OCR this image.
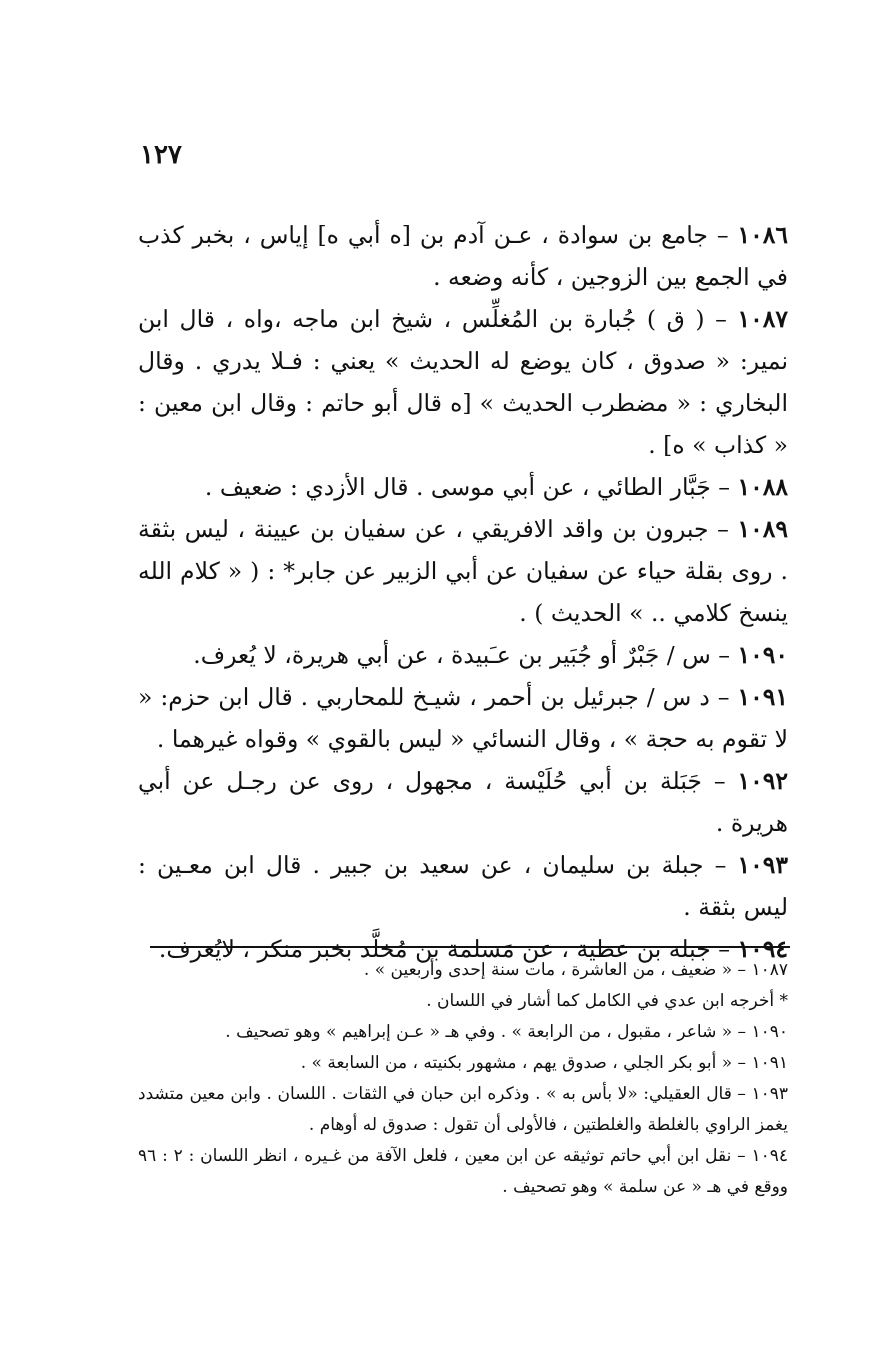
١٢٧

١٠٨٦ – جامع بن سوادة ، عـن آدم بن [ه أبي ه] إياس ، بخبر كذب في الجمع بين الزوجين ، كأنه وضعه .

١٠٨٧ – ( ق ) جُبارة بن المُغلِّس ، شيخ ابن ماجه ،واه ، قال ابن نمير: « صدوق ، كان يوضع له الحديث » يعني : فـلا يدري . وقال البخاري : « مضطرب الحديث » [ه قال أبو حاتم : وقال ابن معين : « كذاب » ه] .

١٠٨٨ – جَبَّار الطائي ، عن أبي موسى . قال الأزدي : ضعيف .

١٠٨٩ – جبرون بن واقد الافريقي ، عن سفيان بن عيينة ، ليس بثقة . روى بقلة حياء عن سفيان عن أبي الزبير عن جابر* : ( « كلام الله ينسخ كلامي .. » الحديث ) .

١٠٩٠ – س / جَبْرٌ أو جُبَير بن عـَبيدة ، عن أبي هريرة، لا يُعرف.

١٠٩١ – د س / جبرئيل بن أحمر ، شيـخ للمحاربي . قال ابن حزم: « لا تقوم به حجة » ، وقال النسائي « ليس بالقوي » وقواه غيرهما .

١٠٩٢ – جَبَلة بن أبي حُلَيْسة ، مجهول ، روى عن رجـل عن أبي هريرة .

١٠٩٣ – جبلة بن سليمان ، عن سعيد بن جبير . قال ابن معـين : ليس بثقة .

١٠٩٤ – جبله بن عطية ، عن مَسلمة بن مُخلَّد بخبر منكر ، لايُعرف.

١٠٨٧ – « ضعيف ، من العاشرة ، مات سنة إحدى وأربعين » .

* أخرجه ابن عدي في الكامل كما أشار في اللسان .

١٠٩٠ – « شاعر ، مقبول ، من الرابعة » . وفي هـ « عـن إبراهيم » وهو تصحيف .

١٠٩١ – « أبو بكر الجلي ، صدوق يهم ، مشهور بكنيته ، من السابعة » .

١٠٩٣ – قال العقيلي: «لا بأس به » . وذكره ابن حبان في الثقات . اللسان . وابن معين متشدد يغمز الراوي بالغلطة والغلطتين ، فالأولى أن تقول : صدوق له أوهام .

١٠٩٤ – نقل ابن أبي حاتم توثيقه عن ابن معين ، فلعل الآفة من غـيره ، انظر اللسان : ٢ : ٩٦ ووقع في هـ « عن سلمة » وهو تصحيف .
